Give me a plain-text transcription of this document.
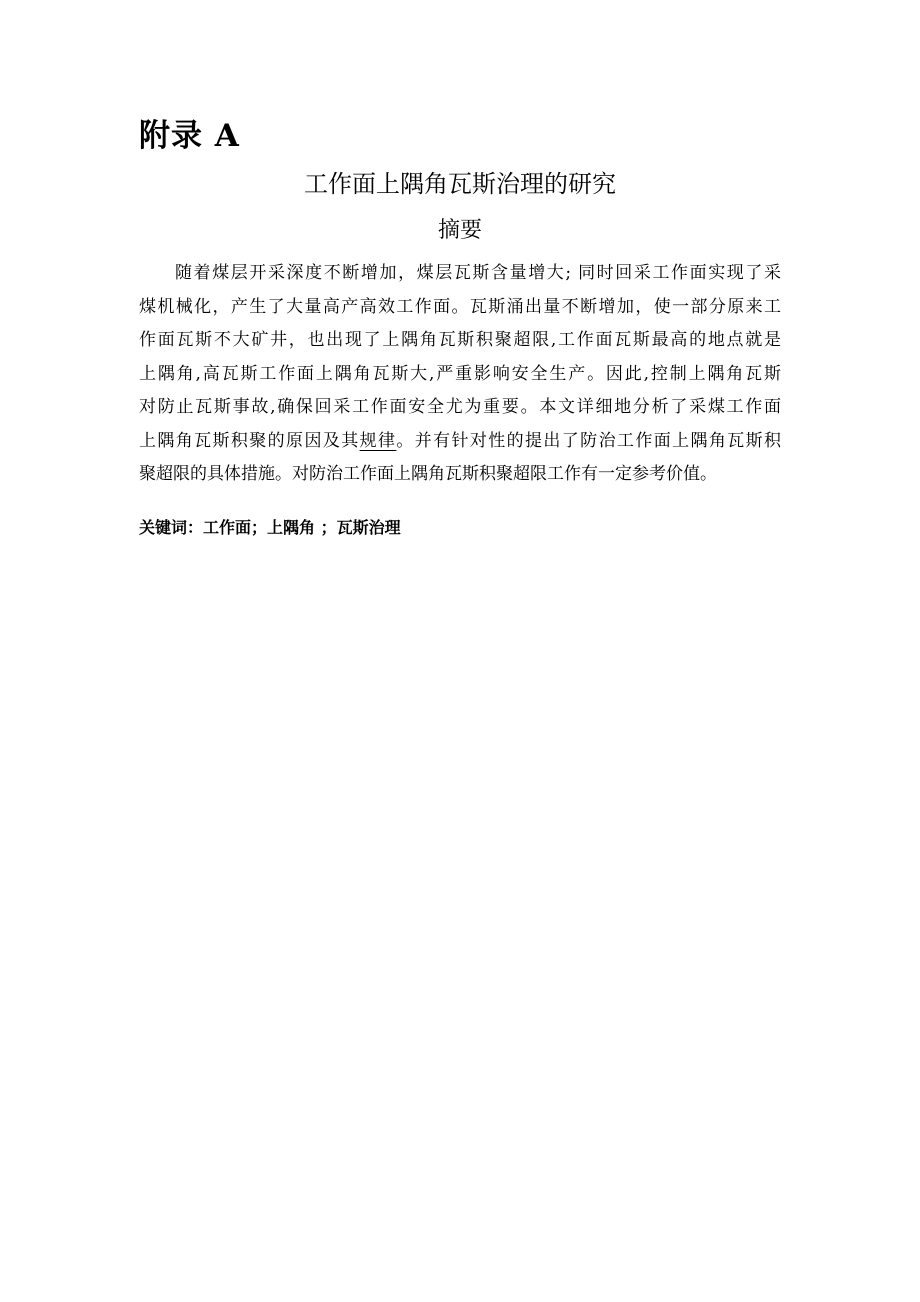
附录 A
工作面上隅角瓦斯治理的研究
摘要
随着煤层开采深度不断增加，煤层瓦斯含量增大; 同时回采工作面实现了采
煤机械化，产生了大量高产高效工作面。瓦斯涌出量不断增加，使一部分原来工
作面瓦斯不大矿井，也出现了上隅角瓦斯积聚超限,工作面瓦斯最高的地点就是
上隅角,高瓦斯工作面上隅角瓦斯大,严重影响安全生产。因此,控制上隅角瓦斯
对防止瓦斯事故,确保回采工作面安全尤为重要。本文详细地分析了采煤工作面
上隅角瓦斯积聚的原因及其规律。并有针对性的提出了防治工作面上隅角瓦斯积
聚超限的具体措施。对防治工作面上隅角瓦斯积聚超限工作有一定参考价值。

关键词：工作面；上隅角 ；瓦斯治理
